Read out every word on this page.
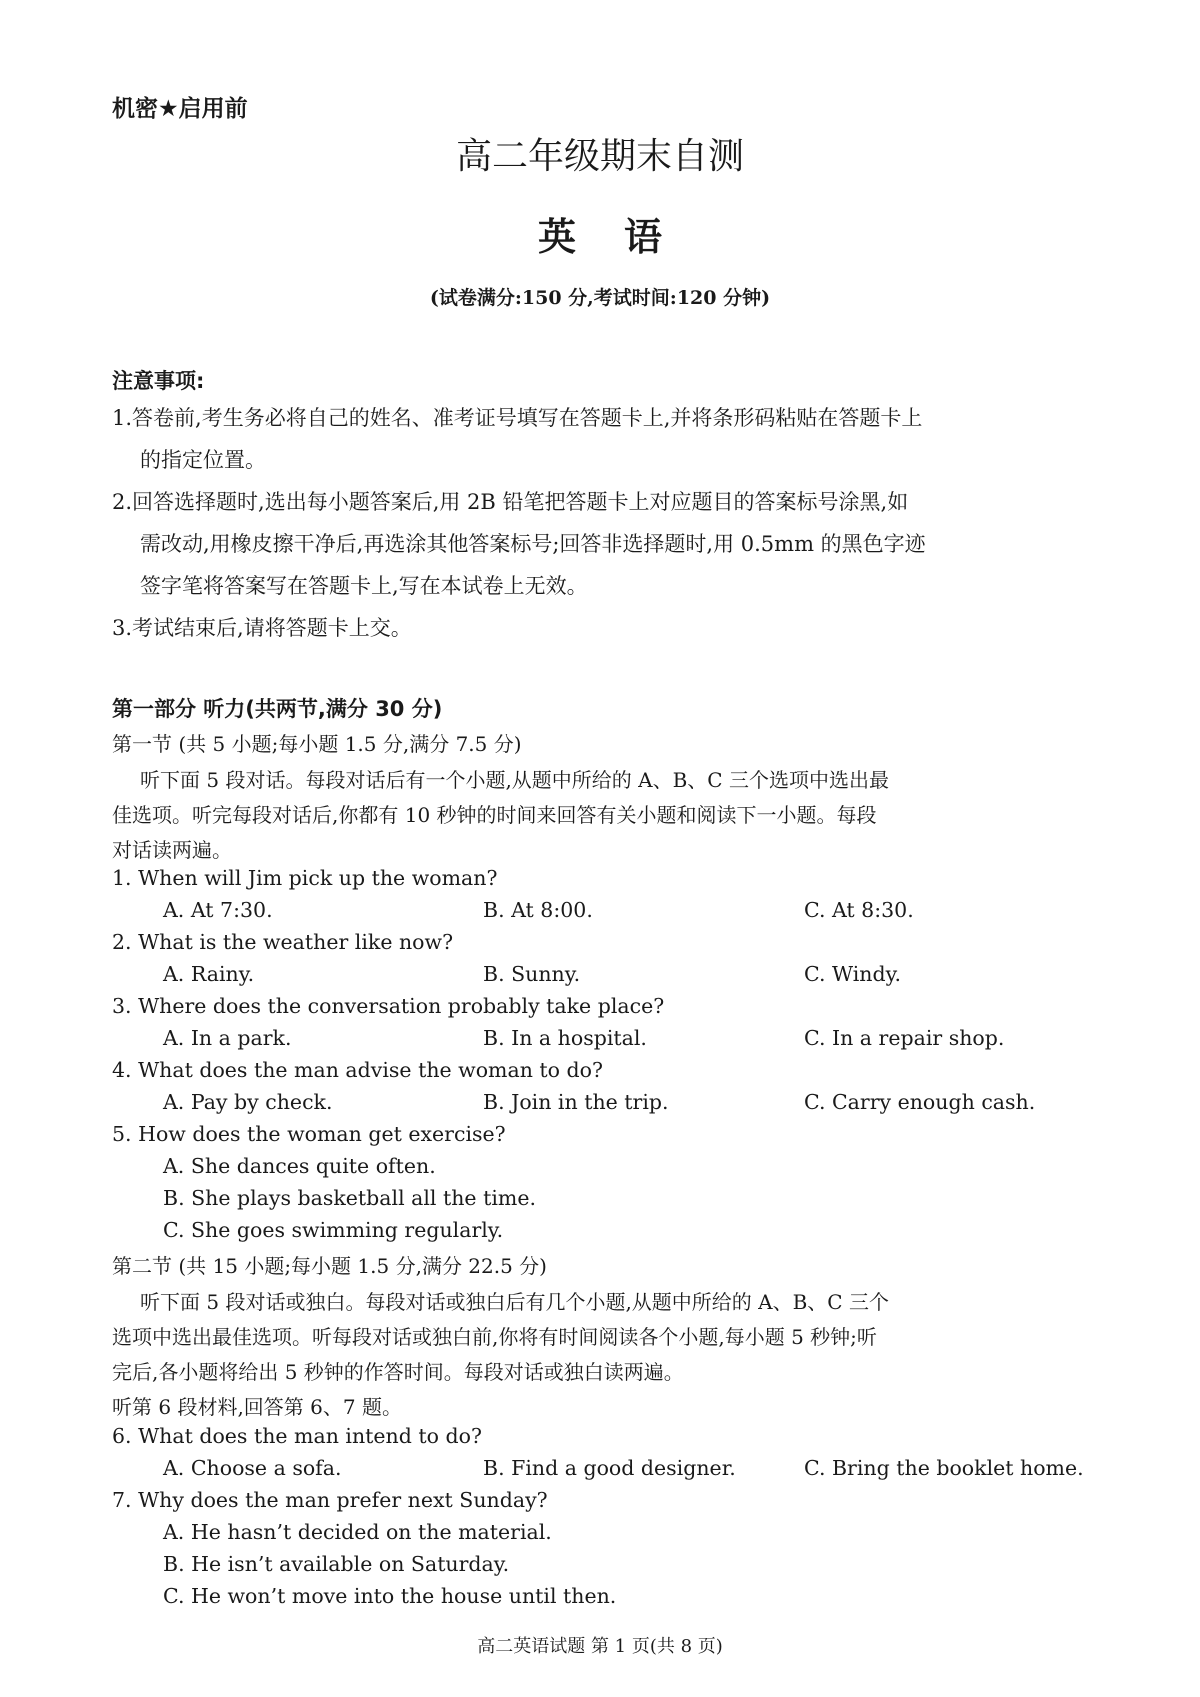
机密★启用前
高二年级期末自测
英语
(试卷满分:150 分,考试时间:120 分钟)
注意事项:
1.答卷前,考生务必将自己的姓名、准考证号填写在答题卡上,并将条形码粘贴在答题卡上
的指定位置。
2.回答选择题时,选出每小题答案后,用 2B 铅笔把答题卡上对应题目的答案标号涂黑,如
需改动,用橡皮擦干净后,再选涂其他答案标号;回答非选择题时,用 0.5mm 的黑色字迹
签字笔将答案写在答题卡上,写在本试卷上无效。
3.考试结束后,请将答题卡上交。
第一部分 听力(共两节,满分 30 分)
第一节 (共 5 小题;每小题 1.5 分,满分 7.5 分)
听下面 5 段对话。每段对话后有一个小题,从题中所给的 A、B、C 三个选项中选出最
佳选项。听完每段对话后,你都有 10 秒钟的时间来回答有关小题和阅读下一小题。每段
对话读两遍。
1. When will Jim pick up the woman?
A. At 7:30.	B. At 8:00.	C. At 8:30.
2. What is the weather like now?
A. Rainy.	B. Sunny.	C. Windy.
3. Where does the conversation probably take place?
A. In a park.	B. In a hospital.	C. In a repair shop.
4. What does the man advise the woman to do?
A. Pay by check.	B. Join in the trip.	C. Carry enough cash.
5. How does the woman get exercise?
A. She dances quite often.
B. She plays basketball all the time.
C. She goes swimming regularly.
第二节 (共 15 小题;每小题 1.5 分,满分 22.5 分)
听下面 5 段对话或独白。每段对话或独白后有几个小题,从题中所给的 A、B、C 三个
选项中选出最佳选项。听每段对话或独白前,你将有时间阅读各个小题,每小题 5 秒钟;听
完后,各小题将给出 5 秒钟的作答时间。每段对话或独白读两遍。
听第 6 段材料,回答第 6、7 题。
6. What does the man intend to do?
A. Choose a sofa.	B. Find a good designer.	C. Bring the booklet home.
7. Why does the man prefer next Sunday?
A. He hasn’t decided on the material.
B. He isn’t available on Saturday.
C. He won’t move into the house until then.
高二英语试题 第 1 页(共 8 页)
